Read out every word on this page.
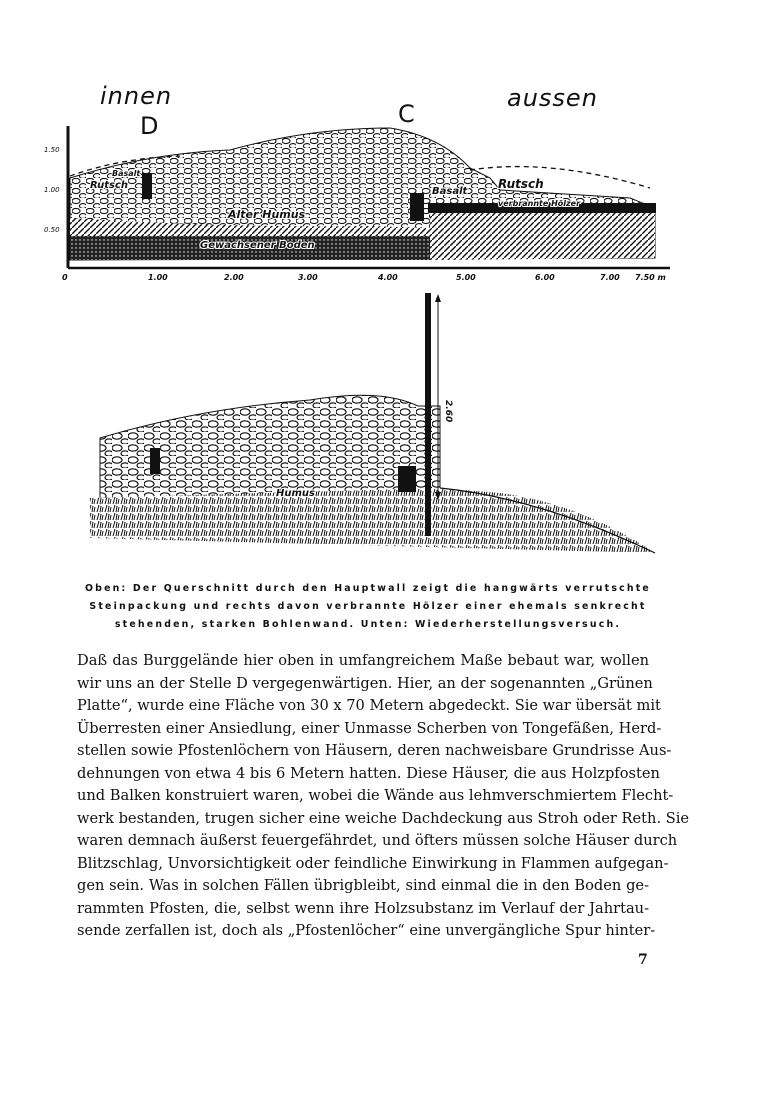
innen	aussen
D	C
1.50
1.00
0.50
0	1.00	2.00	3.00	4.00	5.00	6.00	7.00 7.50 m
Basalt
Rutsch
Alter Humus
Gewachsener Boden
Basalt
Rutsch
verbrannte Hölzer
2.60
Humus
Oben: Der Querschnitt durch den Hauptwall zeigt die hangwärts verrutschte
Steinpackung und rechts davon verbrannte Hölzer einer ehemals senkrecht
stehenden, starken Bohlenwand. Unten: Wiederherstellungsversuch.
Daß das Burggelände hier oben in umfangreichem Maße bebaut war, wollen
wir uns an der Stelle D vergegenwärtigen. Hier, an der sogenannten „Grünen
Platte“, wurde eine Fläche von 30 x 70 Metern abgedeckt. Sie war übersät mit
Überresten einer Ansiedlung, einer Unmasse Scherben von Tongefäßen, Herd-
stellen sowie Pfostenlöchern von Häusern, deren nachweisbare Grundrisse Aus-
dehnungen von etwa 4 bis 6 Metern hatten. Diese Häuser, die aus Holzpfosten
und Balken konstruiert waren, wobei die Wände aus lehmverschmiertem Flecht-
werk bestanden, trugen sicher eine weiche Dachdeckung aus Stroh oder Reth. Sie
waren demnach äußerst feuergefährdet, und öfters müssen solche Häuser durch
Blitzschlag, Unvorsichtigkeit oder feindliche Einwirkung in Flammen aufgegan-
gen sein. Was in solchen Fällen übrigbleibt, sind einmal die in den Boden ge-
rammten Pfosten, die, selbst wenn ihre Holzsubstanz im Verlauf der Jahrtau-
sende zerfallen ist, doch als „Pfostenlöcher“ eine unvergängliche Spur hinter-
7
